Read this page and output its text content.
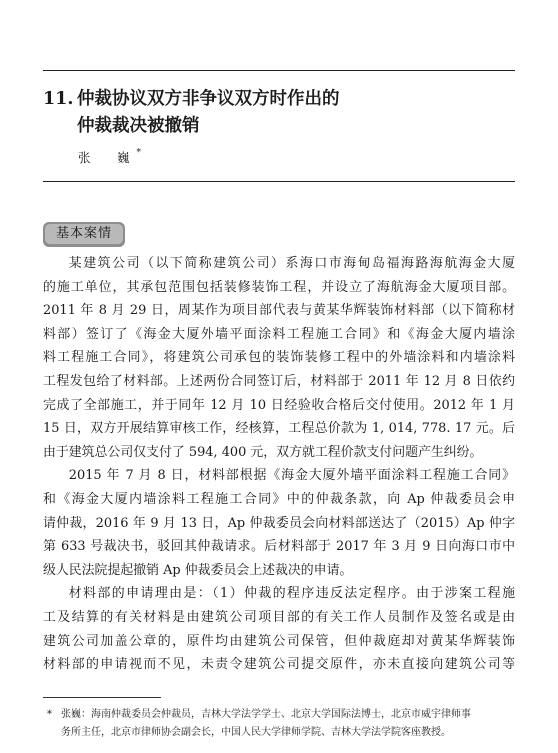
11. 仲裁协议双方非争议双方时作出的
仲裁裁决被撤销
张　巍*
基本案情
某建筑公司（以下简称建筑公司）系海口市海甸岛福海路海航海金大厦
的施工单位，其承包范围包括装修装饰工程，并设立了海航海金大厦项目部。
2011 年 8 月 29 日，周某作为项目部代表与黄某华辉装饰材料部（以下简称材
料部）签订了《海金大厦外墙平面涂料工程施工合同》和《海金大厦内墙涂
料工程施工合同》，将建筑公司承包的装饰装修工程中的外墙涂料和内墙涂料
工程发包给了材料部。上述两份合同签订后，材料部于 2011 年 12 月 8 日依约
完成了全部施工，并于同年 12 月 10 日经验收合格后交付使用。2012 年 1 月
15 日，双方开展结算审核工作，经核算，工程总价款为 1, 014, 778. 17 元。后
由于建筑总公司仅支付了 594, 400 元，双方就工程价款支付问题产生纠纷。
2015 年 7 月 8 日，材料部根据《海金大厦外墙平面涂料工程施工合同》
和《海金大厦内墙涂料工程施工合同》中的仲裁条款，向 Ap 仲裁委员会申
请仲裁，2016 年 9 月 13 日，Ap 仲裁委员会向材料部送达了（2015）Ap 仲字
第 633 号裁决书，驳回其仲裁请求。后材料部于 2017 年 3 月 9 日向海口市中
级人民法院提起撤销 Ap 仲裁委员会上述裁决的申请。
材料部的申请理由是：（1）仲裁的程序违反法定程序。由于涉案工程施
工及结算的有关材料是由建筑公司项目部的有关工作人员制作及签名或是由
建筑公司加盖公章的，原件均由建筑公司保管，但仲裁庭却对黄某华辉装饰
材料部的申请视而不见，未责令建筑公司提交原件，亦未直接向建筑公司等
* 张巍：海南仲裁委员会仲裁员，吉林大学法学学士、北京大学国际法博士，北京市威宇律师事
务所主任，北京市律师协会副会长，中国人民大学律师学院、吉林大学法学院客座教授。
